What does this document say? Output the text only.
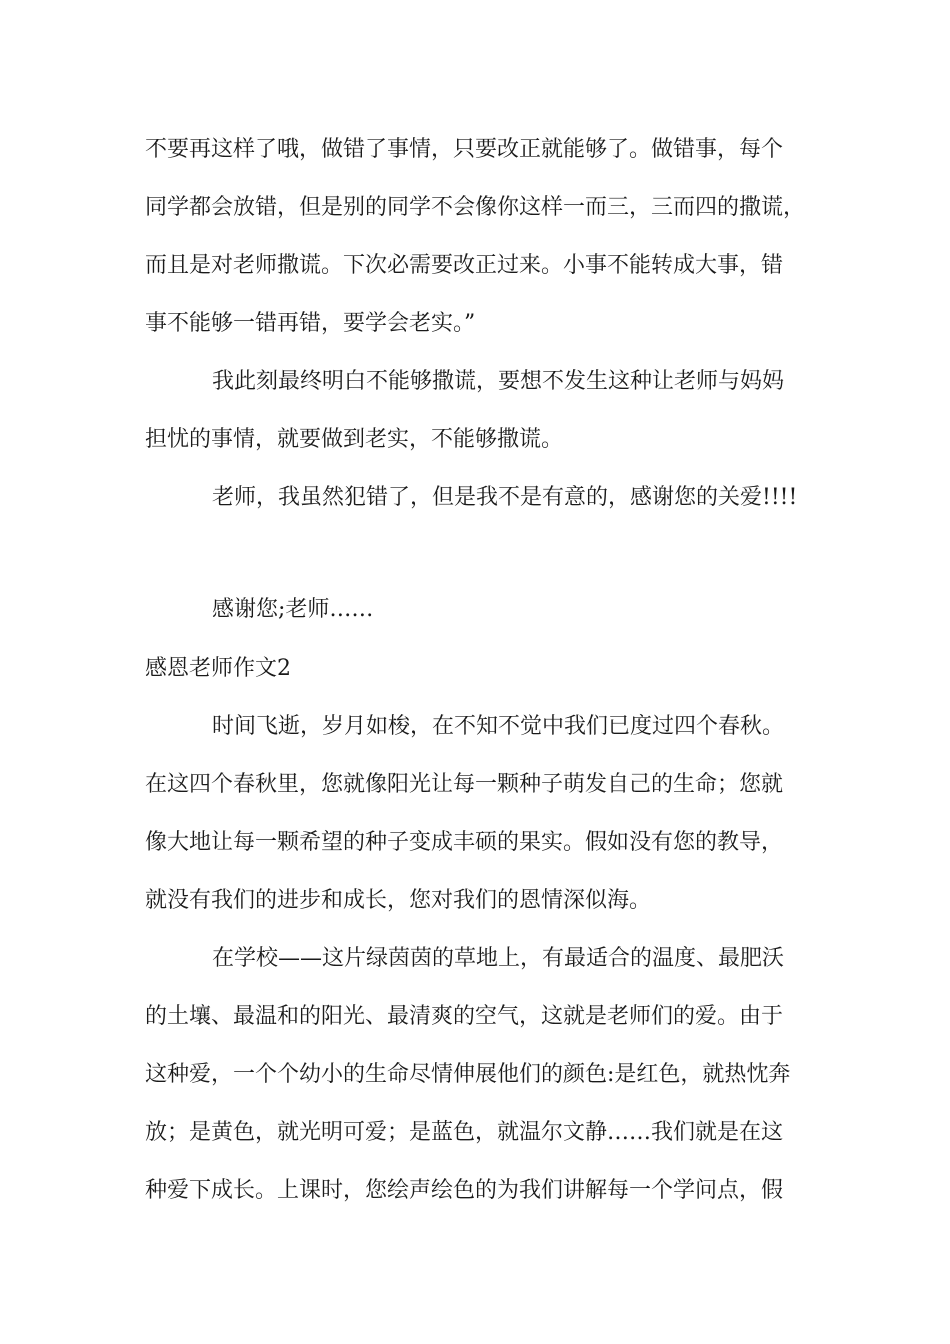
不要再这样了哦，做错了事情，只要改正就能够了。做错事，每个
同学都会放错，但是别的同学不会像你这样一而三，三而四的撒谎，
而且是对老师撒谎。下次必需要改正过来。小事不能转成大事，错
事不能够一错再错，要学会老实。”
我此刻最终明白不能够撒谎，要想不发生这种让老师与妈妈
担忧的事情，就要做到老实，不能够撒谎。
老师，我虽然犯错了，但是我不是有意的，感谢您的关爱!!!!
感谢您;老师……
感恩老师作文2
时间飞逝，岁月如梭，在不知不觉中我们已度过四个春秋。
在这四个春秋里，您就像阳光让每一颗种子萌发自己的生命；您就
像大地让每一颗希望的种子变成丰硕的果实。假如没有您的教导，
就没有我们的进步和成长，您对我们的恩情深似海。
在学校——这片绿茵茵的草地上，有最适合的温度、最肥沃
的土壤、最温和的阳光、最清爽的空气，这就是老师们的爱。由于
这种爱，一个个幼小的生命尽情伸展他们的颜色:是红色，就热忱奔
放；是黄色，就光明可爱；是蓝色，就温尔文静……我们就是在这
种爱下成长。上课时，您绘声绘色的为我们讲解每一个学问点，假
